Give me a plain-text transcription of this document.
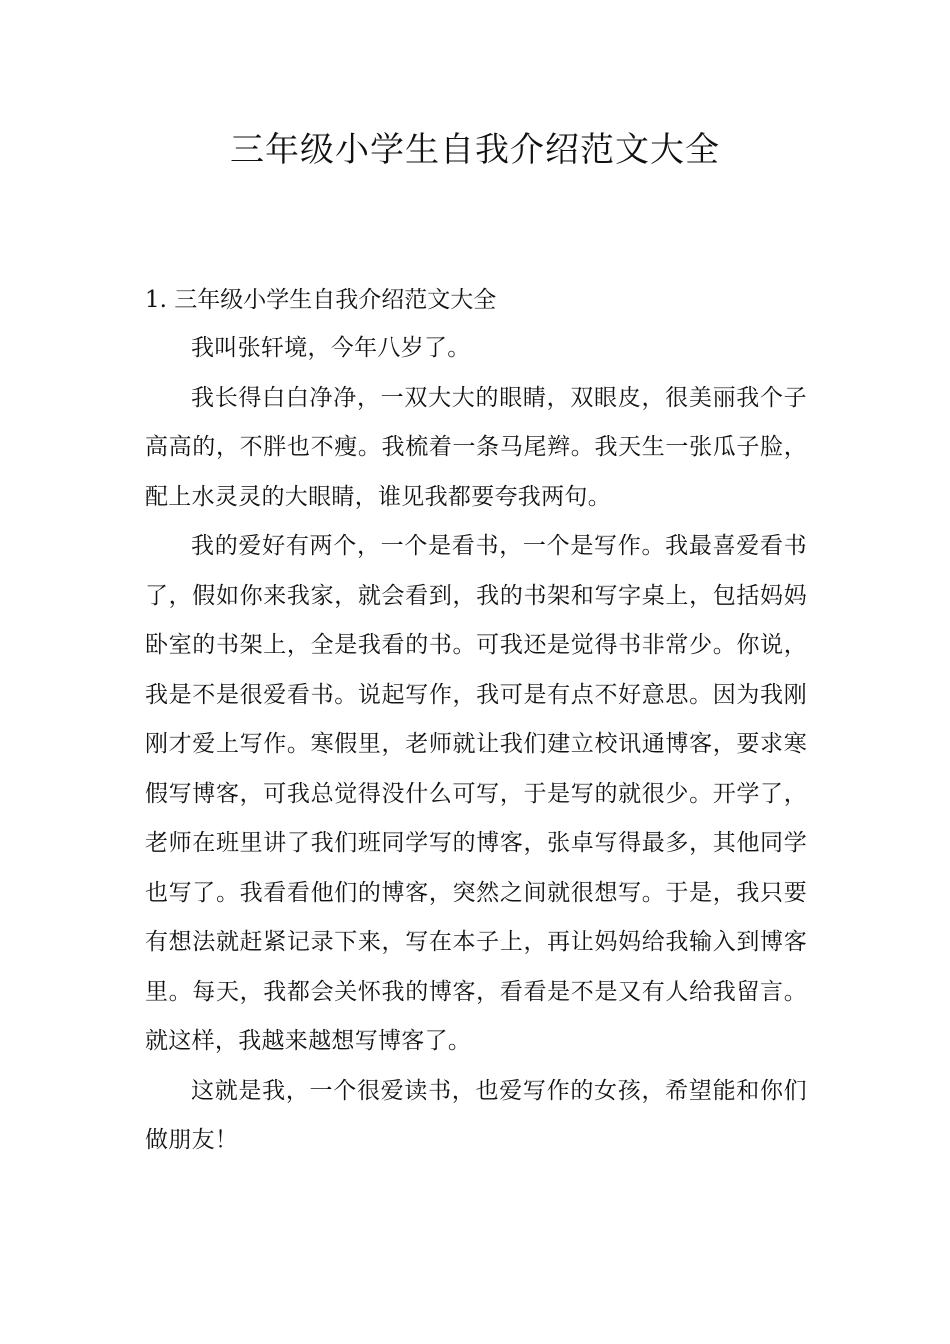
三年级小学生自我介绍范文大全

1. 三年级小学生自我介绍范文大全

我叫张轩境，今年八岁了。

我长得白白净净，一双大大的眼睛，双眼皮，很美丽我个子高高的，不胖也不瘦。我梳着一条马尾辫。我天生一张瓜子脸，配上水灵灵的大眼睛，谁见我都要夸我两句。

我的爱好有两个，一个是看书，一个是写作。我最喜爱看书了，假如你来我家，就会看到，我的书架和写字桌上，包括妈妈卧室的书架上，全是我看的书。可我还是觉得书非常少。你说，我是不是很爱看书。说起写作，我可是有点不好意思。因为我刚刚才爱上写作。寒假里，老师就让我们建立校讯通博客，要求寒假写博客，可我总觉得没什么可写，于是写的就很少。开学了，老师在班里讲了我们班同学写的博客，张卓写得最多，其他同学也写了。我看看他们的博客，突然之间就很想写。于是，我只要有想法就赶紧记录下来，写在本子上，再让妈妈给我输入到博客里。每天，我都会关怀我的博客，看看是不是又有人给我留言。就这样，我越来越想写博客了。

这就是我，一个很爱读书，也爱写作的女孩，希望能和你们做朋友！
